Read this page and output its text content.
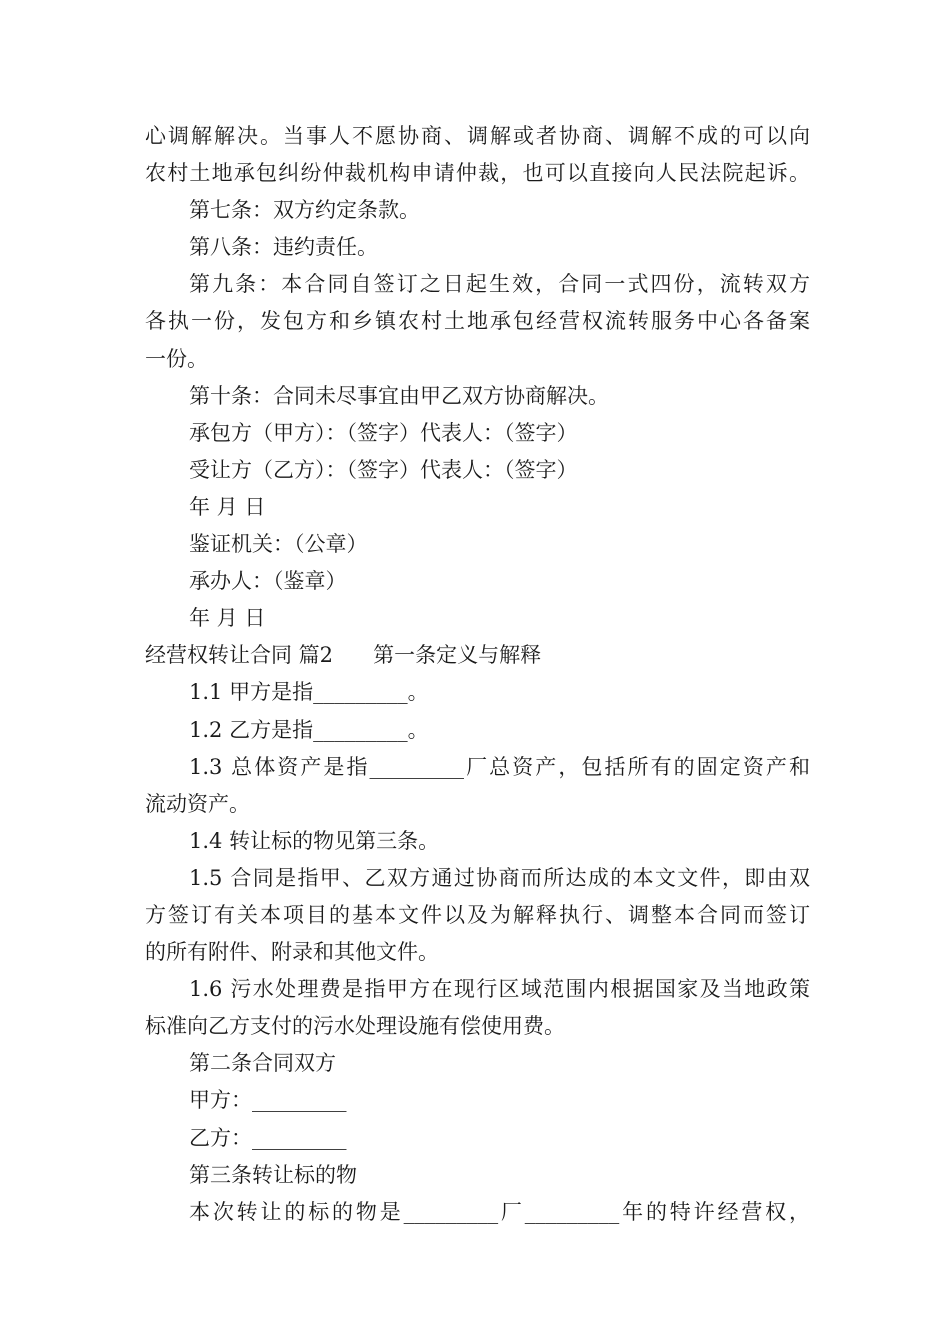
心调解解决。当事人不愿协商、调解或者协商、调解不成的可以向
农村土地承包纠纷仲裁机构申请仲裁，也可以直接向人民法院起诉。
第七条：双方约定条款。
第八条：违约责任。
第九条：本合同自签订之日起生效，合同一式四份，流转双方
各执一份，发包方和乡镇农村土地承包经营权流转服务中心各备案
一份。
第十条：合同未尽事宜由甲乙双方协商解决。
承包方（甲方）：（签字）代表人：（签字）
受让方（乙方）：（签字）代表人：（签字）
年 月 日
鉴证机关：（公章）
承办人：（鉴章）
年 月 日
经营权转让合同 篇2      第一条定义与解释
1.1 甲方是指_________。
1.2 乙方是指_________。
1.3 总体资产是指_________厂总资产，包括所有的固定资产和
流动资产。
1.4 转让标的物见第三条。
1.5 合同是指甲、乙双方通过协商而所达成的本文文件，即由双
方签订有关本项目的基本文件以及为解释执行、调整本合同而签订
的所有附件、附录和其他文件。
1.6 污水处理费是指甲方在现行区域范围内根据国家及当地政策
标准向乙方支付的污水处理设施有偿使用费。
第二条合同双方
甲方：_________
乙方：_________
第三条转让标的物
本次转让的标的物是_________厂_________年的特许经营权，
